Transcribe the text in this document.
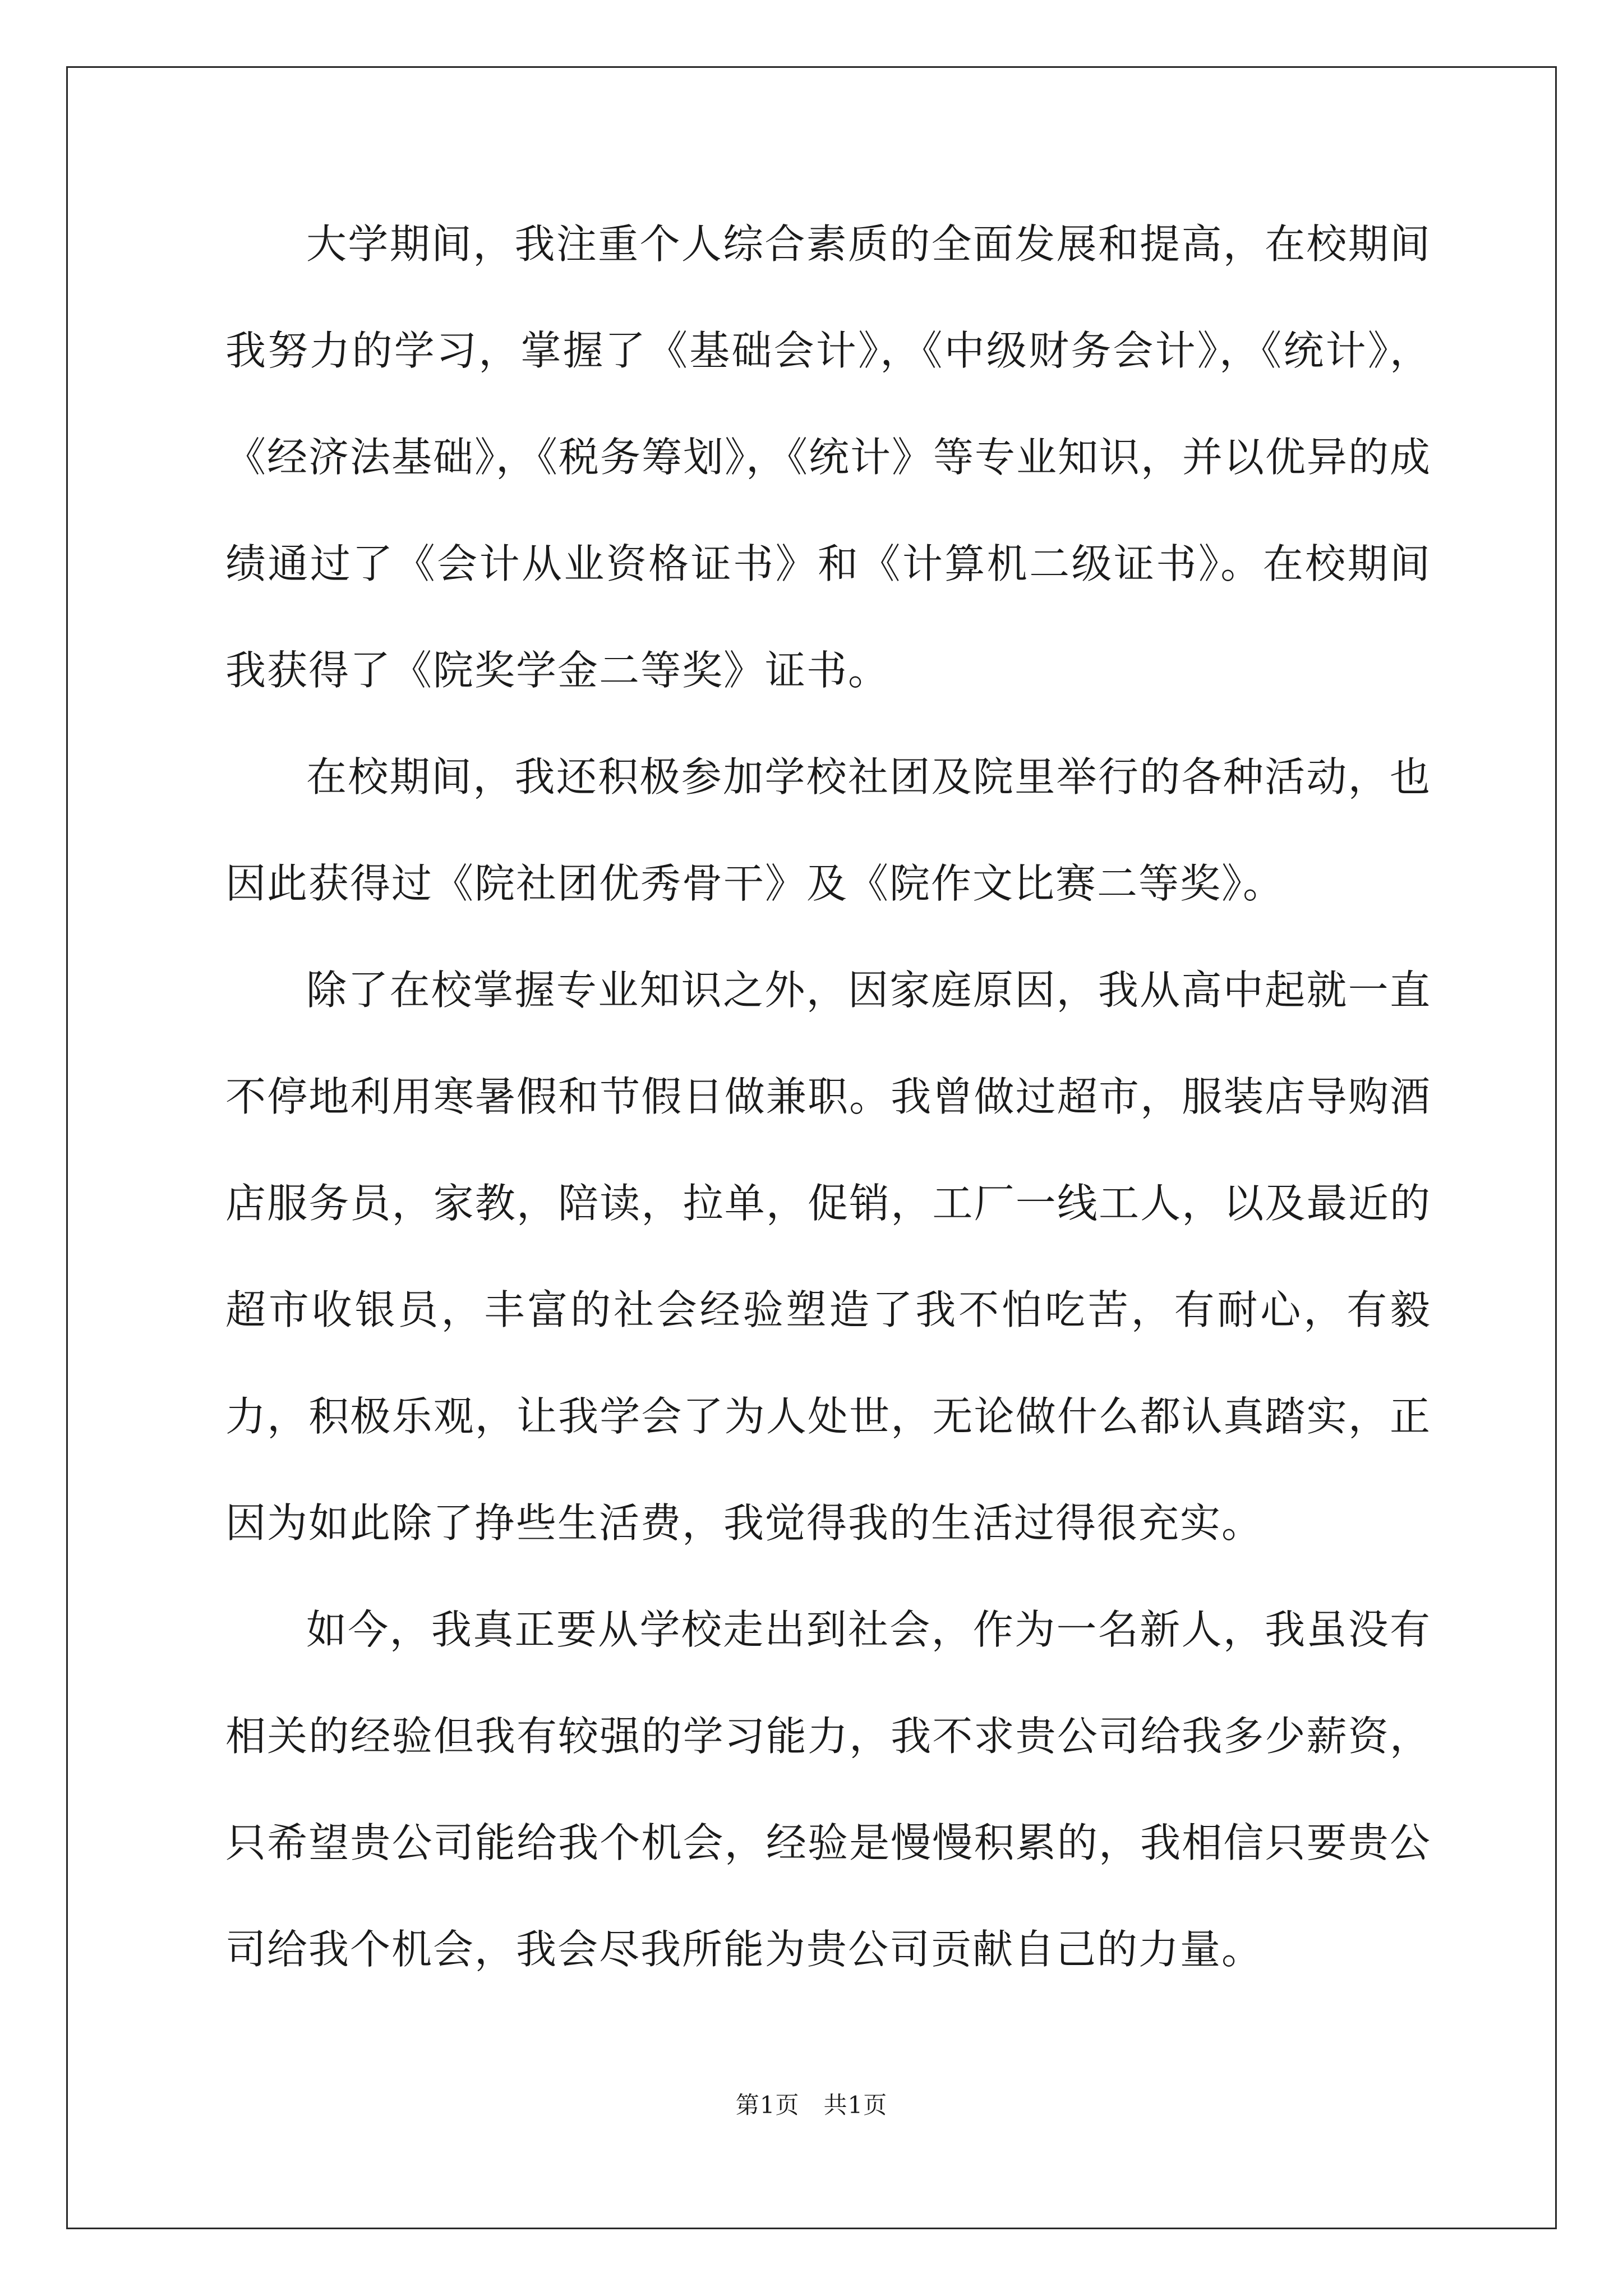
大学期间，我注重个人综合素质的全面发展和提高，在校期间我努力的学习，掌握了《基础会计》，《中级财务会计》，《统计》，《经济法基础》，《税务筹划》，《统计》等专业知识，并以优异的成绩通过了《会计从业资格证书》和《计算机二级证书》。在校期间我获得了《院奖学金二等奖》证书。

在校期间，我还积极参加学校社团及院里举行的各种活动，也因此获得过《院社团优秀骨干》及《院作文比赛二等奖》。

除了在校掌握专业知识之外，因家庭原因，我从高中起就一直不停地利用寒暑假和节假日做兼职。我曾做过超市，服装店导购酒店服务员，家教，陪读，拉单，促销，工厂一线工人，以及最近的超市收银员，丰富的社会经验塑造了我不怕吃苦，有耐心，有毅力，积极乐观，让我学会了为人处世，无论做什么都认真踏实，正因为如此除了挣些生活费，我觉得我的生活过得很充实。

如今，我真正要从学校走出到社会，作为一名新人，我虽没有相关的经验但我有较强的学习能力，我不求贵公司给我多少薪资，只希望贵公司能给我个机会，经验是慢慢积累的，我相信只要贵公司给我个机会，我会尽我所能为贵公司贡献自己的力量。

第1页　共1页
